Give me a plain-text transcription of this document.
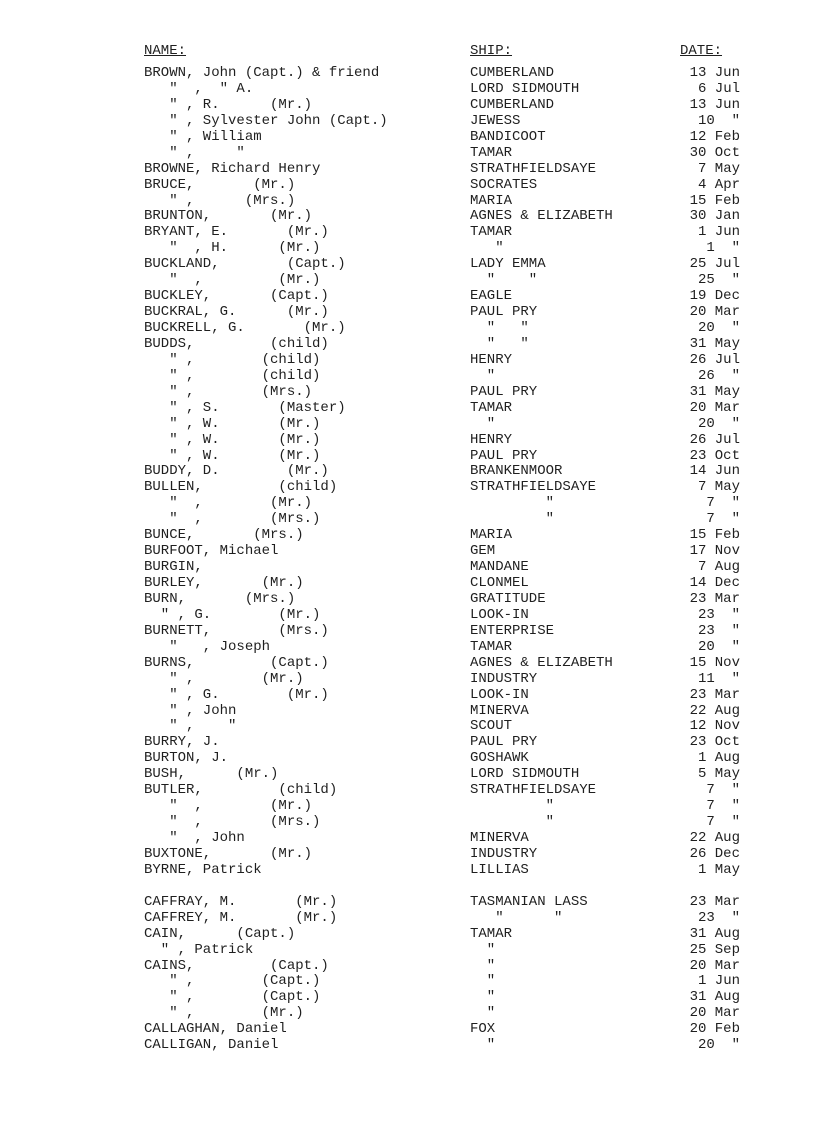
NAME:	SHIP:	DATE:
BROWN, John (Capt.) & friend	CUMBERLAND	13 Jun
"  ,  " A.	LORD SIDMOUTH	6 Jul
" , R.      (Mr.)	CUMBERLAND	13 Jun
" , Sylvester John (Capt.)	JEWESS	10  "
" , William	BANDICOOT	12 Feb
" ,     "	TAMAR	30 Oct
BROWNE, Richard Henry	STRATHFIELDSAYE	7 May
BRUCE,       (Mr.)	SOCRATES	4 Apr
" ,      (Mrs.)	MARIA	15 Feb
BRUNTON,       (Mr.)	AGNES & ELIZABETH	30 Jan
BRYANT, E.       (Mr.)	TAMAR	1 Jun
"  , H.      (Mr.)	"	1  "
BUCKLAND,        (Capt.)	LADY EMMA	25 Jul
"  ,         (Mr.)	"    "	25  "
BUCKLEY,       (Capt.)	EAGLE	19 Dec
BUCKRAL, G.      (Mr.)	PAUL PRY	20 Mar
BUCKRELL, G.       (Mr.)	"   "	20  "
BUDDS,         (child)	"   "	31 May
" ,        (child)	HENRY	26 Jul
" ,        (child)	"	26  "
" ,        (Mrs.)	PAUL PRY	31 May
" , S.       (Master)	TAMAR	20 Mar
" , W.       (Mr.)	"	20  "
" , W.       (Mr.)	HENRY	26 Jul
" , W.       (Mr.)	PAUL PRY	23 Oct
BUDDY, D.        (Mr.)	BRANKENMOOR	14 Jun
BULLEN,         (child)	STRATHFIELDSAYE	7 May
"  ,        (Mr.)	"	7  "
"  ,        (Mrs.)	"	7  "
BUNCE,       (Mrs.)	MARIA	15 Feb
BURFOOT, Michael	GEM	17 Nov
BURGIN,	MANDANE	7 Aug
BURLEY,       (Mr.)	CLONMEL	14 Dec
BURN,       (Mrs.)	GRATITUDE	23 Mar
" , G.        (Mr.)	LOOK-IN	23  "
BURNETT,        (Mrs.)	ENTERPRISE	23  "
"   , Joseph	TAMAR	20  "
BURNS,         (Capt.)	AGNES & ELIZABETH	15 Nov
" ,        (Mr.)	INDUSTRY	11  "
" , G.        (Mr.)	LOOK-IN	23 Mar
" , John	MINERVA	22 Aug
" ,    "	SCOUT	12 Nov
BURRY, J.	PAUL PRY	23 Oct
BURTON, J.	GOSHAWK	1 Aug
BUSH,      (Mr.)	LORD SIDMOUTH	5 May
BUTLER,         (child)	STRATHFIELDSAYE	7  "
"  ,        (Mr.)	"	7  "
"  ,        (Mrs.)	"	7  "
"  , John	MINERVA	22 Aug
BUXTONE,       (Mr.)	INDUSTRY	26 Dec
BYRNE, Patrick	LILLIAS	1 May
CAFFRAY, M.       (Mr.)	TASMANIAN LASS	23 Mar
CAFFREY, M.       (Mr.)	"      "	23  "
CAIN,      (Capt.)	TAMAR	31 Aug
" , Patrick	"	25 Sep
CAINS,         (Capt.)	"	20 Mar
" ,        (Capt.)	"	1 Jun
" ,        (Capt.)	"	31 Aug
" ,        (Mr.)	"	20 Mar
CALLAGHAN, Daniel	FOX	20 Feb
CALLIGAN, Daniel	"	20  "
